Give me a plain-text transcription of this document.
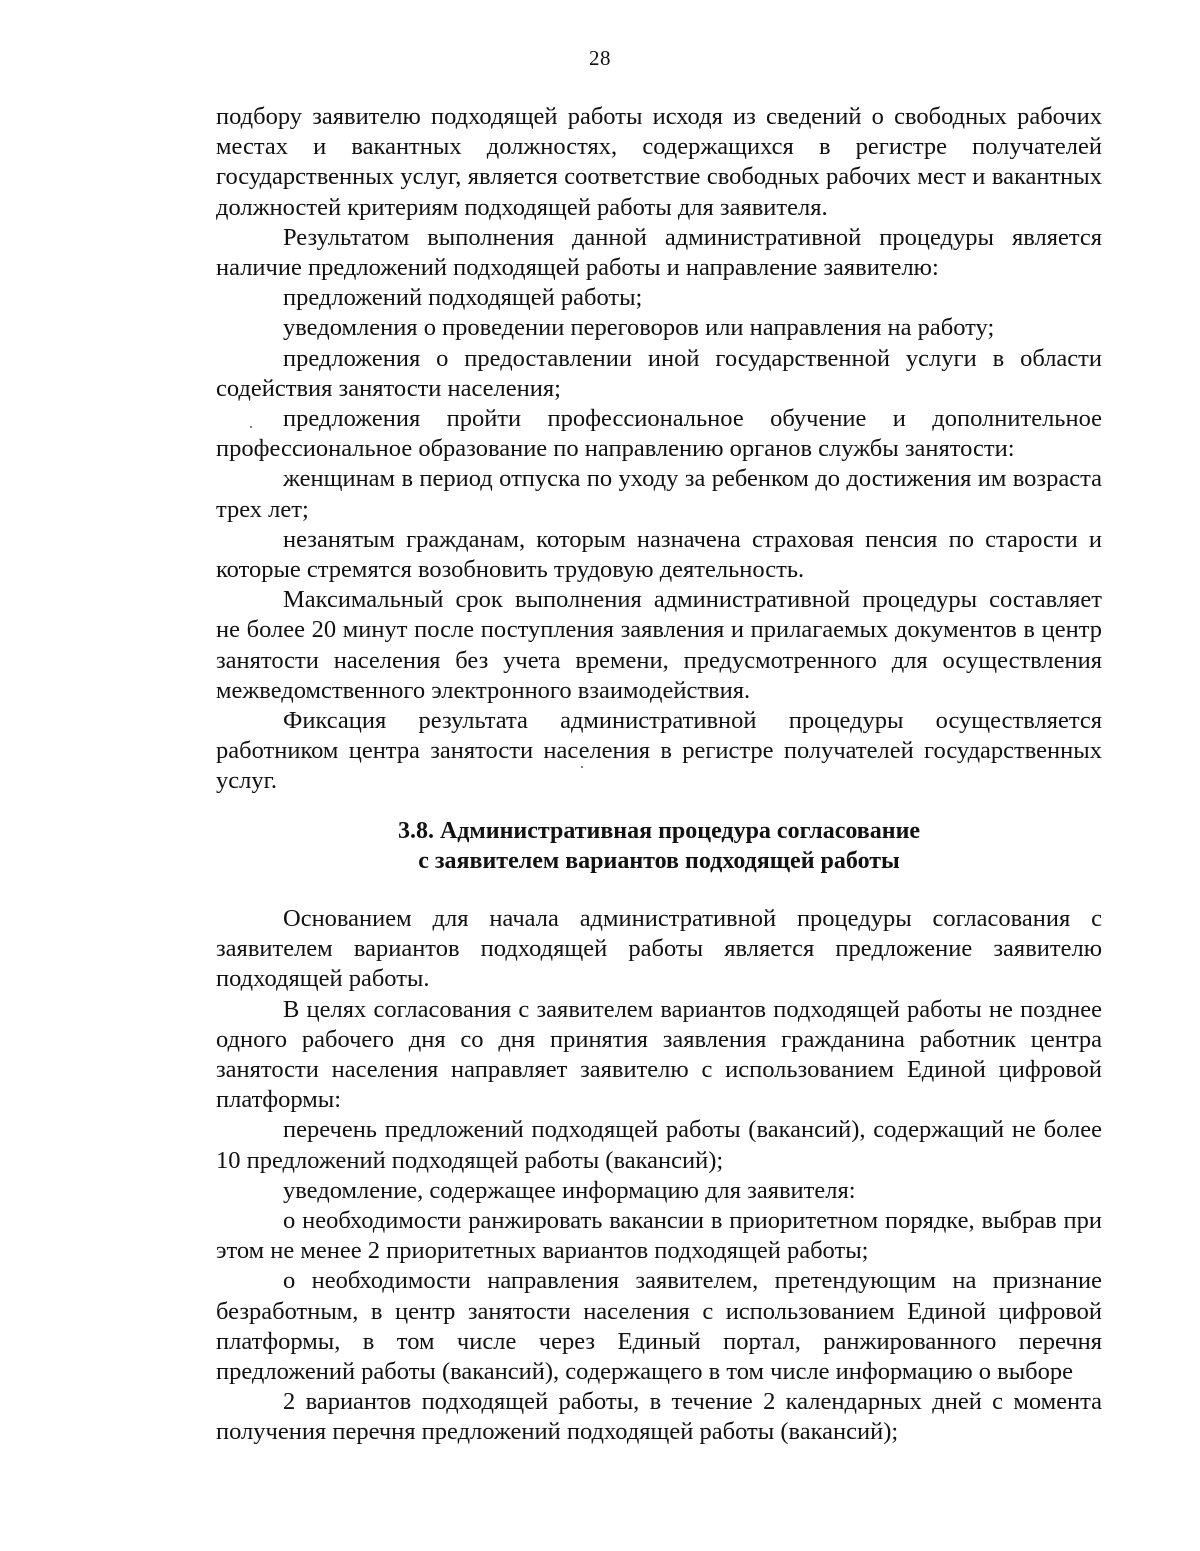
28

подбору заявителю подходящей работы исходя из сведений о свободных рабочих местах и вакантных должностях, содержащихся в регистре получателей государственных услуг, является соответствие свободных рабочих мест и вакантных должностей критериям подходящей работы для заявителя.

Результатом выполнения данной административной процедуры является наличие предложений подходящей работы и направление заявителю:

предложений подходящей работы;

уведомления о проведении переговоров или направления на работу;

предложения о предоставлении иной государственной услуги в области содействия занятости населения;

предложения пройти профессиональное обучение и дополнительное профессиональное образование по направлению органов службы занятости:

женщинам в период отпуска по уходу за ребенком до достижения им возраста трех лет;

незанятым гражданам, которым назначена страховая пенсия по старости и которые стремятся возобновить трудовую деятельность.

Максимальный срок выполнения административной процедуры составляет не более 20 минут после поступления заявления и прилагаемых документов в центр занятости населения без учета времени, предусмотренного для осуществления межведомственного электронного взаимодействия.

Фиксация результата административной процедуры осуществляется работником центра занятости населения в регистре получателей государственных услуг.

3.8. Административная процедура согласование
с заявителем вариантов подходящей работы

Основанием для начала административной процедуры согласования с заявителем вариантов подходящей работы является предложение заявителю подходящей работы.

В целях согласования с заявителем вариантов подходящей работы не позднее одного рабочего дня со дня принятия заявления гражданина работник центра занятости населения направляет заявителю с использованием Единой цифровой платформы:

перечень предложений подходящей работы (вакансий), содержащий не более 10 предложений подходящей работы (вакансий);

уведомление, содержащее информацию для заявителя:

о необходимости ранжировать вакансии в приоритетном порядке, выбрав при этом не менее 2 приоритетных вариантов подходящей работы;

о необходимости направления заявителем, претендующим на признание безработным, в центр занятости населения с использованием Единой цифровой платформы, в том числе через Единый портал, ранжированного перечня предложений работы (вакансий), содержащего в том числе информацию о выборе

2 вариантов подходящей работы, в течение 2 календарных дней с момента получения перечня предложений подходящей работы (вакансий);
